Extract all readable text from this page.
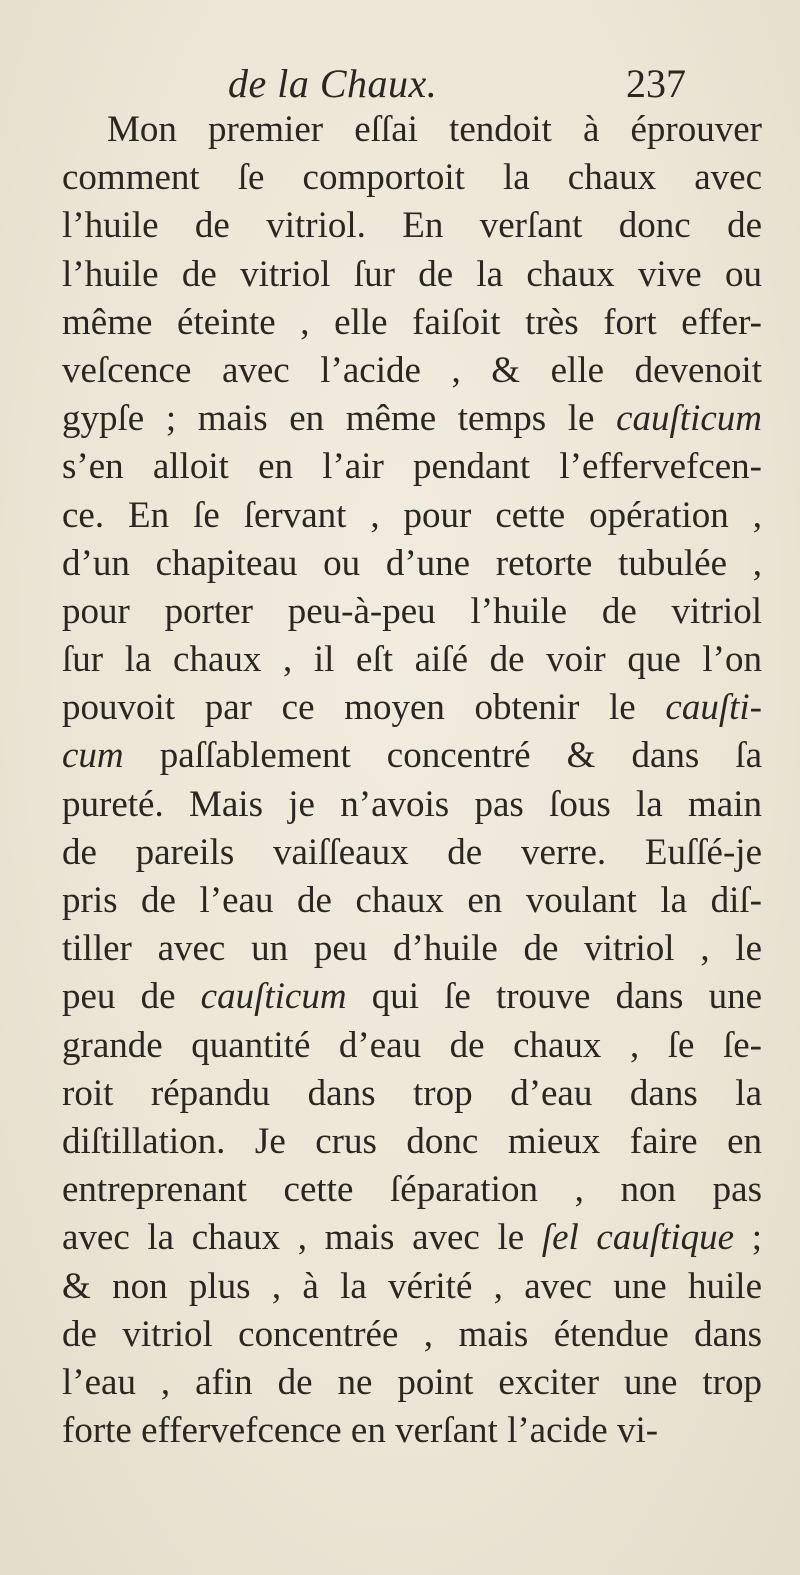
de la Chaux.	237
Mon premier eſſai tendoit à éprouver
comment ſe comportoit la chaux avec
l’huile de vitriol. En verſant donc de
l’huile de vitriol ſur de la chaux vive ou
même éteinte , elle faiſoit très fort effer-
veſcence avec l’acide , & elle devenoit
gypſe ; mais en même temps le cauſticum
s’en alloit en l’air pendant l’effervefcen-
ce. En ſe ſervant , pour cette opération ,
d’un chapiteau ou d’une retorte tubulée ,
pour porter peu-à-peu l’huile de vitriol
ſur la chaux , il eſt aiſé de voir que l’on
pouvoit par ce moyen obtenir le cauſti-
cum paſſablement concentré & dans ſa
pureté. Mais je n’avois pas ſous la main
de pareils vaiſſeaux de verre. Euſſé-je
pris de l’eau de chaux en voulant la diſ-
tiller avec un peu d’huile de vitriol , le
peu de cauſticum qui ſe trouve dans une
grande quantité d’eau de chaux , ſe ſe-
roit répandu dans trop d’eau dans la
diſtillation. Je crus donc mieux faire en
entreprenant cette ſéparation , non pas
avec la chaux , mais avec le ſel cauſtique ;
& non plus , à la vérité , avec une huile
de vitriol concentrée , mais étendue dans
l’eau , afin de ne point exciter une trop
forte effervefcence en verſant l’acide vi-
